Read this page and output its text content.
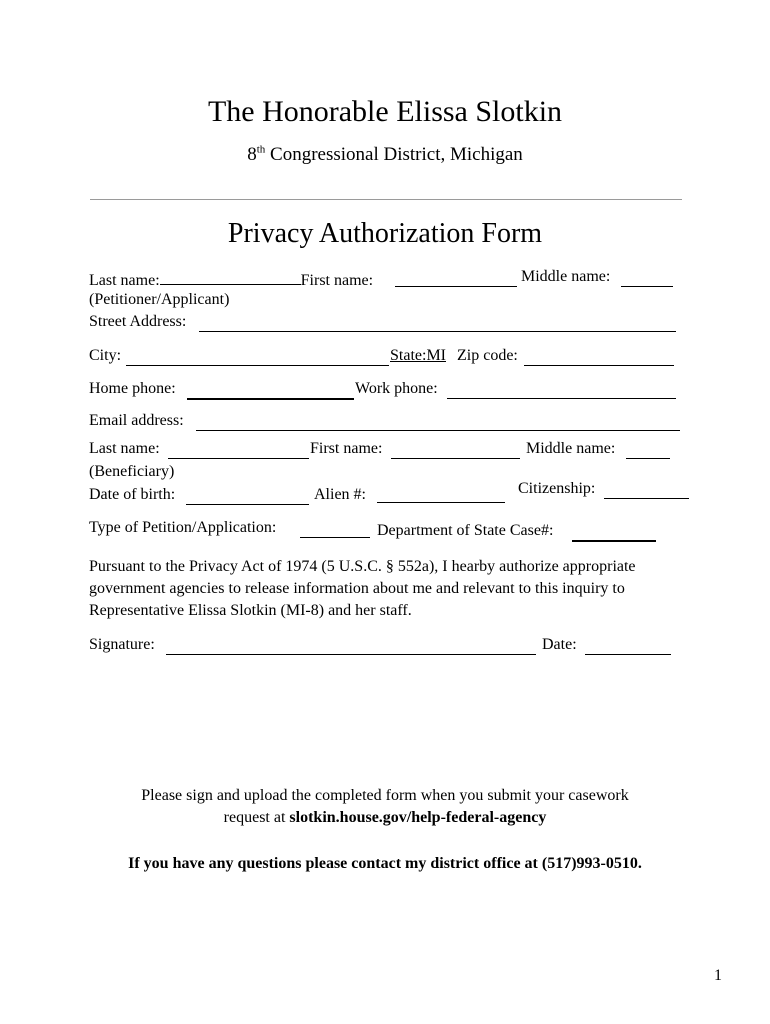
The Honorable Elissa Slotkin
8th Congressional District, Michigan
Privacy Authorization Form
Last name:	First name:	Middle name:
(Petitioner/Applicant)
Street Address:
City:	State:MI Zip code:
Home phone:	Work phone:
Email address:
Last name:	First name:	Middle name:
(Beneficiary)
Date of birth:	Alien #:	Citizenship:
Type of Petition/Application:	Department of State Case#:
Pursuant to the Privacy Act of 1974 (5 U.S.C. § 552a), I hearby authorize appropriate government agencies to release information about me and relevant to this inquiry to Representative Elissa Slotkin (MI-8) and her staff.
Signature:	Date:
Please sign and upload the completed form when you submit your casework
request at slotkin.house.gov/help-federal-agency
If you have any questions please contact my district office at (517)993-0510.
1
